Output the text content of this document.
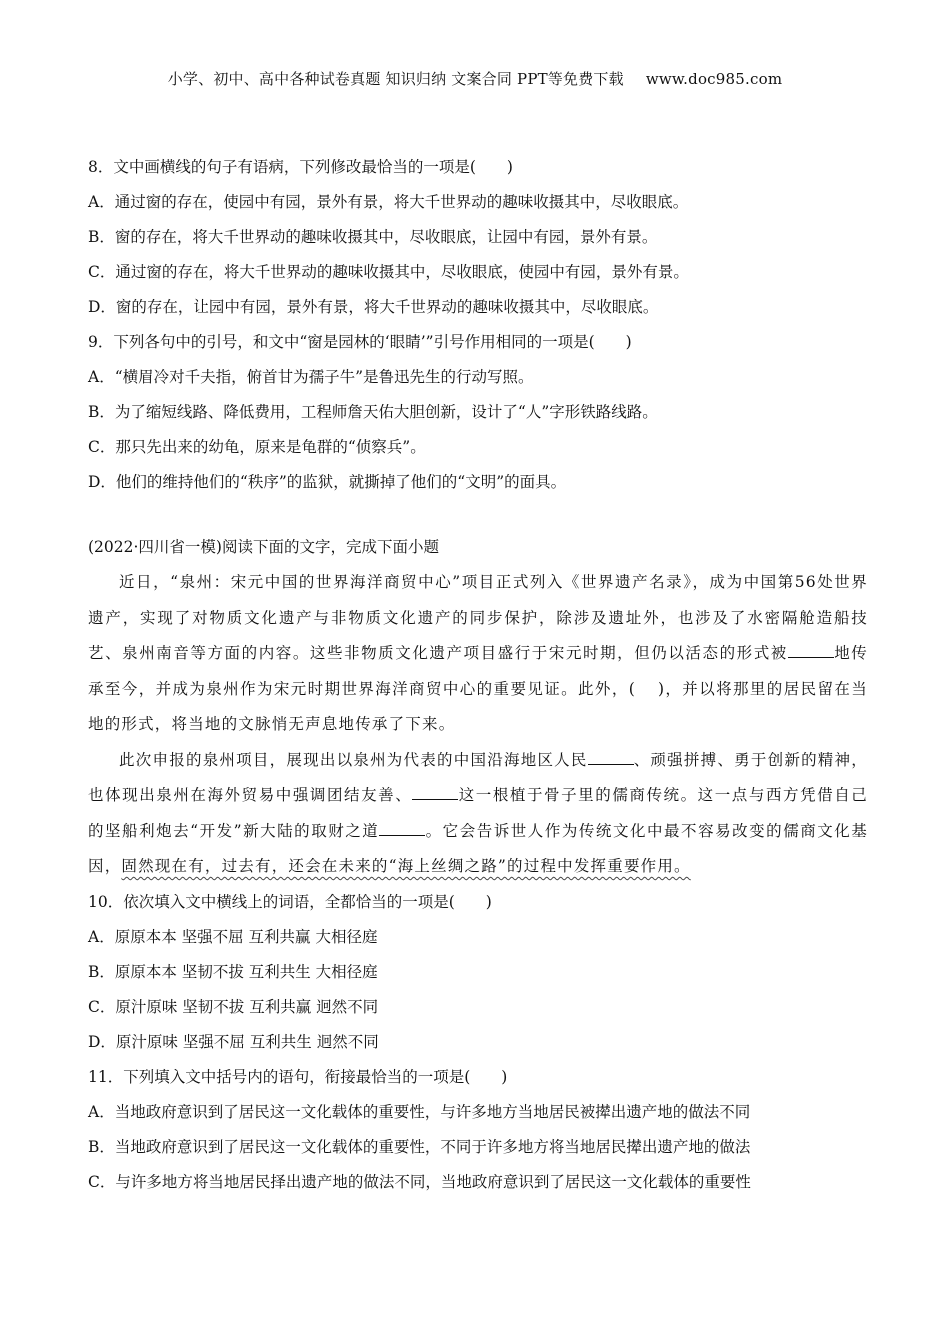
小学、初中、高中各种试卷真题 知识归纳 文案合同 PPT等免费下载 www.doc985.com
8．文中画横线的句子有语病，下列修改最恰当的一项是(　　)
A．通过窗的存在，使园中有园，景外有景，将大千世界动的趣味收摄其中，尽收眼底。
B．窗的存在，将大千世界动的趣味收摄其中，尽收眼底，让园中有园，景外有景。
C．通过窗的存在，将大千世界动的趣味收摄其中，尽收眼底，使园中有园，景外有景。
D．窗的存在，让园中有园，景外有景，将大千世界动的趣味收摄其中，尽收眼底。
9．下列各句中的引号，和文中“窗是园林的‘眼睛’”引号作用相同的一项是(　　)
A．“横眉冷对千夫指，俯首甘为孺子牛”是鲁迅先生的行动写照。
B．为了缩短线路、降低费用，工程师詹天佑大胆创新，设计了“人”字形铁路线路。
C．那只先出来的幼龟，原来是龟群的“侦察兵”。
D．他们的维持他们的“秩序”的监狱，就撕掉了他们的“文明”的面具。
(2022·四川省一模)阅读下面的文字，完成下面小题

近日，“泉州：宋元中国的世界海洋商贸中心”项目正式列入《世界遗产名录》，成为中国第56处世界遗产，实现了对物质文化遗产与非物质文化遗产的同步保护，除涉及遗址外，也涉及了水密隔舱造船技艺、泉州南音等方面的内容。这些非物质文化遗产项目盛行于宋元时期，但仍以活态的形式被	地传承至今，并成为泉州作为宋元时期世界海洋商贸中心的重要见证。此外，( )，并以将那里的居民留在当地的形式，将当地的文脉悄无声息地传承了下来。

此次申报的泉州项目，展现出以泉州为代表的中国沿海地区人民	、顽强拼搏、勇于创新的精神，也体现出泉州在海外贸易中强调团结友善、	这一根植于骨子里的儒商传统。这一点与西方凭借自己的坚船利炮去“开发”新大陆的取财之道	。它会告诉世人作为传统文化中最不容易改变的儒商文化基因，固然现在有，过去有，还会在未来的“海上丝绸之路”的过程中发挥重要作用。

10．依次填入文中横线上的词语，全都恰当的一项是(　　)
A．原原本本 坚强不屈 互利共赢 大相径庭
B．原原本本 坚韧不拔 互利共生 大相径庭
C．原汁原味 坚韧不拔 互利共赢 迥然不同
D．原汁原味 坚强不屈 互利共生 迥然不同
11．下列填入文中括号内的语句，衔接最恰当的一项是(　　)
A．当地政府意识到了居民这一文化载体的重要性，与许多地方当地居民被撵出遗产地的做法不同
B．当地政府意识到了居民这一文化载体的重要性，不同于许多地方将当地居民撵出遗产地的做法
C．与许多地方将当地居民择出遗产地的做法不同，当地政府意识到了居民这一文化载体的重要性
